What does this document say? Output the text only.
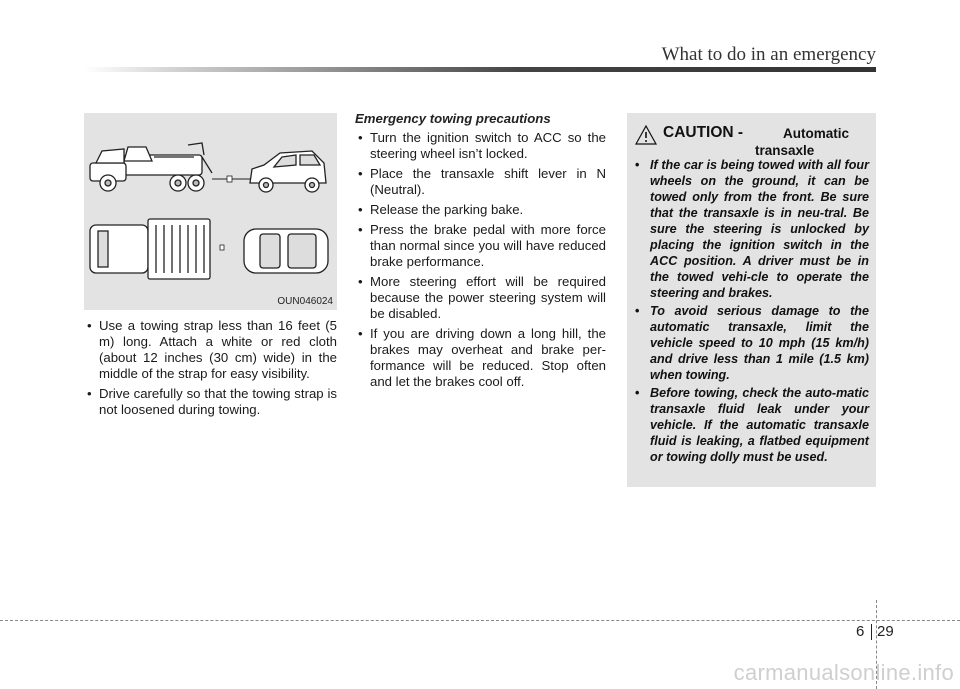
What to do in an emergency
OUN046024
• Use a towing strap less than 16 feet (5 m) long. Attach a white or red cloth (about 12 inches (30 cm) wide) in the middle of the strap for easy visibility.
• Drive carefully so that the towing strap is not loosened during towing.
Emergency towing precautions
• Turn the ignition switch to ACC so the steering wheel isn’t locked.
• Place the transaxle shift lever in N (Neutral).
• Release the parking bake.
• Press the brake pedal with more force than normal since you will have reduced brake performance.
• More steering effort will be required because the power steering system will be disabled.
• If you are driving down a long hill, the brakes may overheat and brake per-formance will be reduced. Stop often and let the brakes cool off.
CAUTION -	Automatic
transaxle
• If the car is being towed with all four wheels on the ground, it can be towed only from the front. Be sure that the transaxle is in neu-tral. Be sure the steering is unlocked by placing the ignition switch in the ACC position. A driver must be in the towed vehi-cle to operate the steering and brakes.
• To avoid serious damage to the automatic transaxle, limit the vehicle speed to 10 mph (15 km/h) and drive less than 1 mile (1.5 km) when towing.
• Before towing, check the auto-matic transaxle fluid leak under your vehicle. If the automatic transaxle fluid is leaking, a flatbed equipment or towing dolly must be used.
6 29
carmanualsonline.info
